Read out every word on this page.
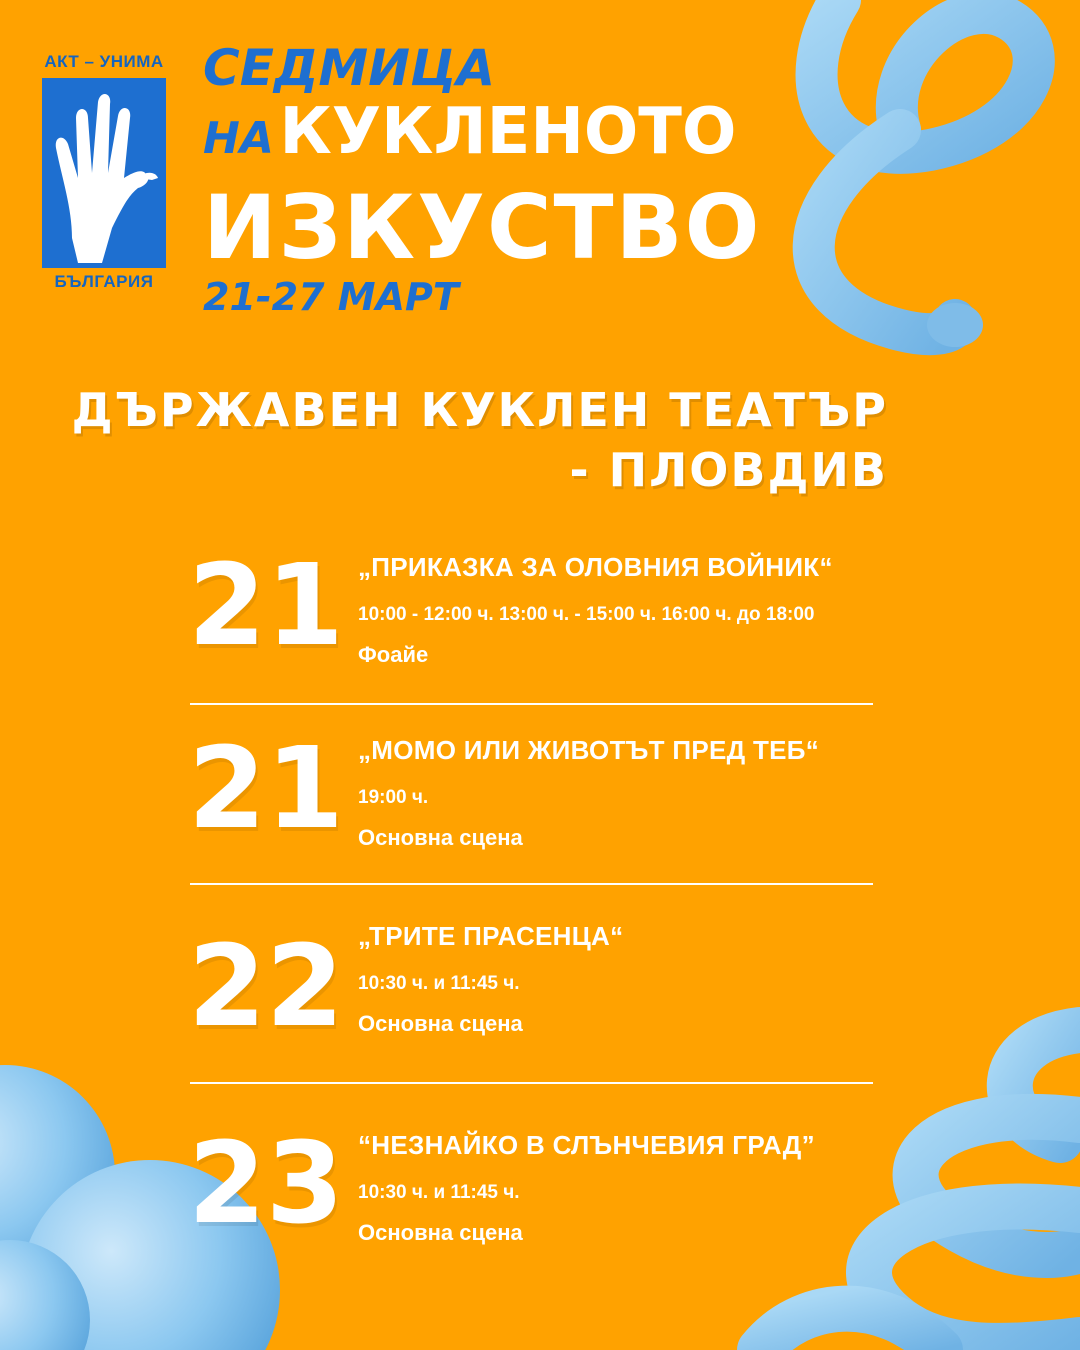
АКТ – УНИМА
БЪЛГАРИЯ
СЕДМИЦА
НА КУКЛЕНОТО
ИЗКУСТВО
21-27 МАРТ
ДЪРЖАВЕН КУКЛЕН ТЕАТЪР
- ПЛОВДИВ
21 „ПРИКАЗКА ЗА ОЛОВНИЯ ВОЙНИК“
10:00 - 12:00 ч. 13:00 ч. - 15:00 ч. 16:00 ч. до 18:00
Фоайе
21 „МОМО ИЛИ ЖИВОТЪТ ПРЕД ТЕБ“
19:00 ч.
Основна сцена
22 „ТРИТЕ ПРАСЕНЦА“
10:30 ч. и 11:45 ч.
Основна сцена
23 “НЕЗНАЙКО В СЛЪНЧЕВИЯ ГРАД”
10:30 ч. и 11:45 ч.
Основна сцена
